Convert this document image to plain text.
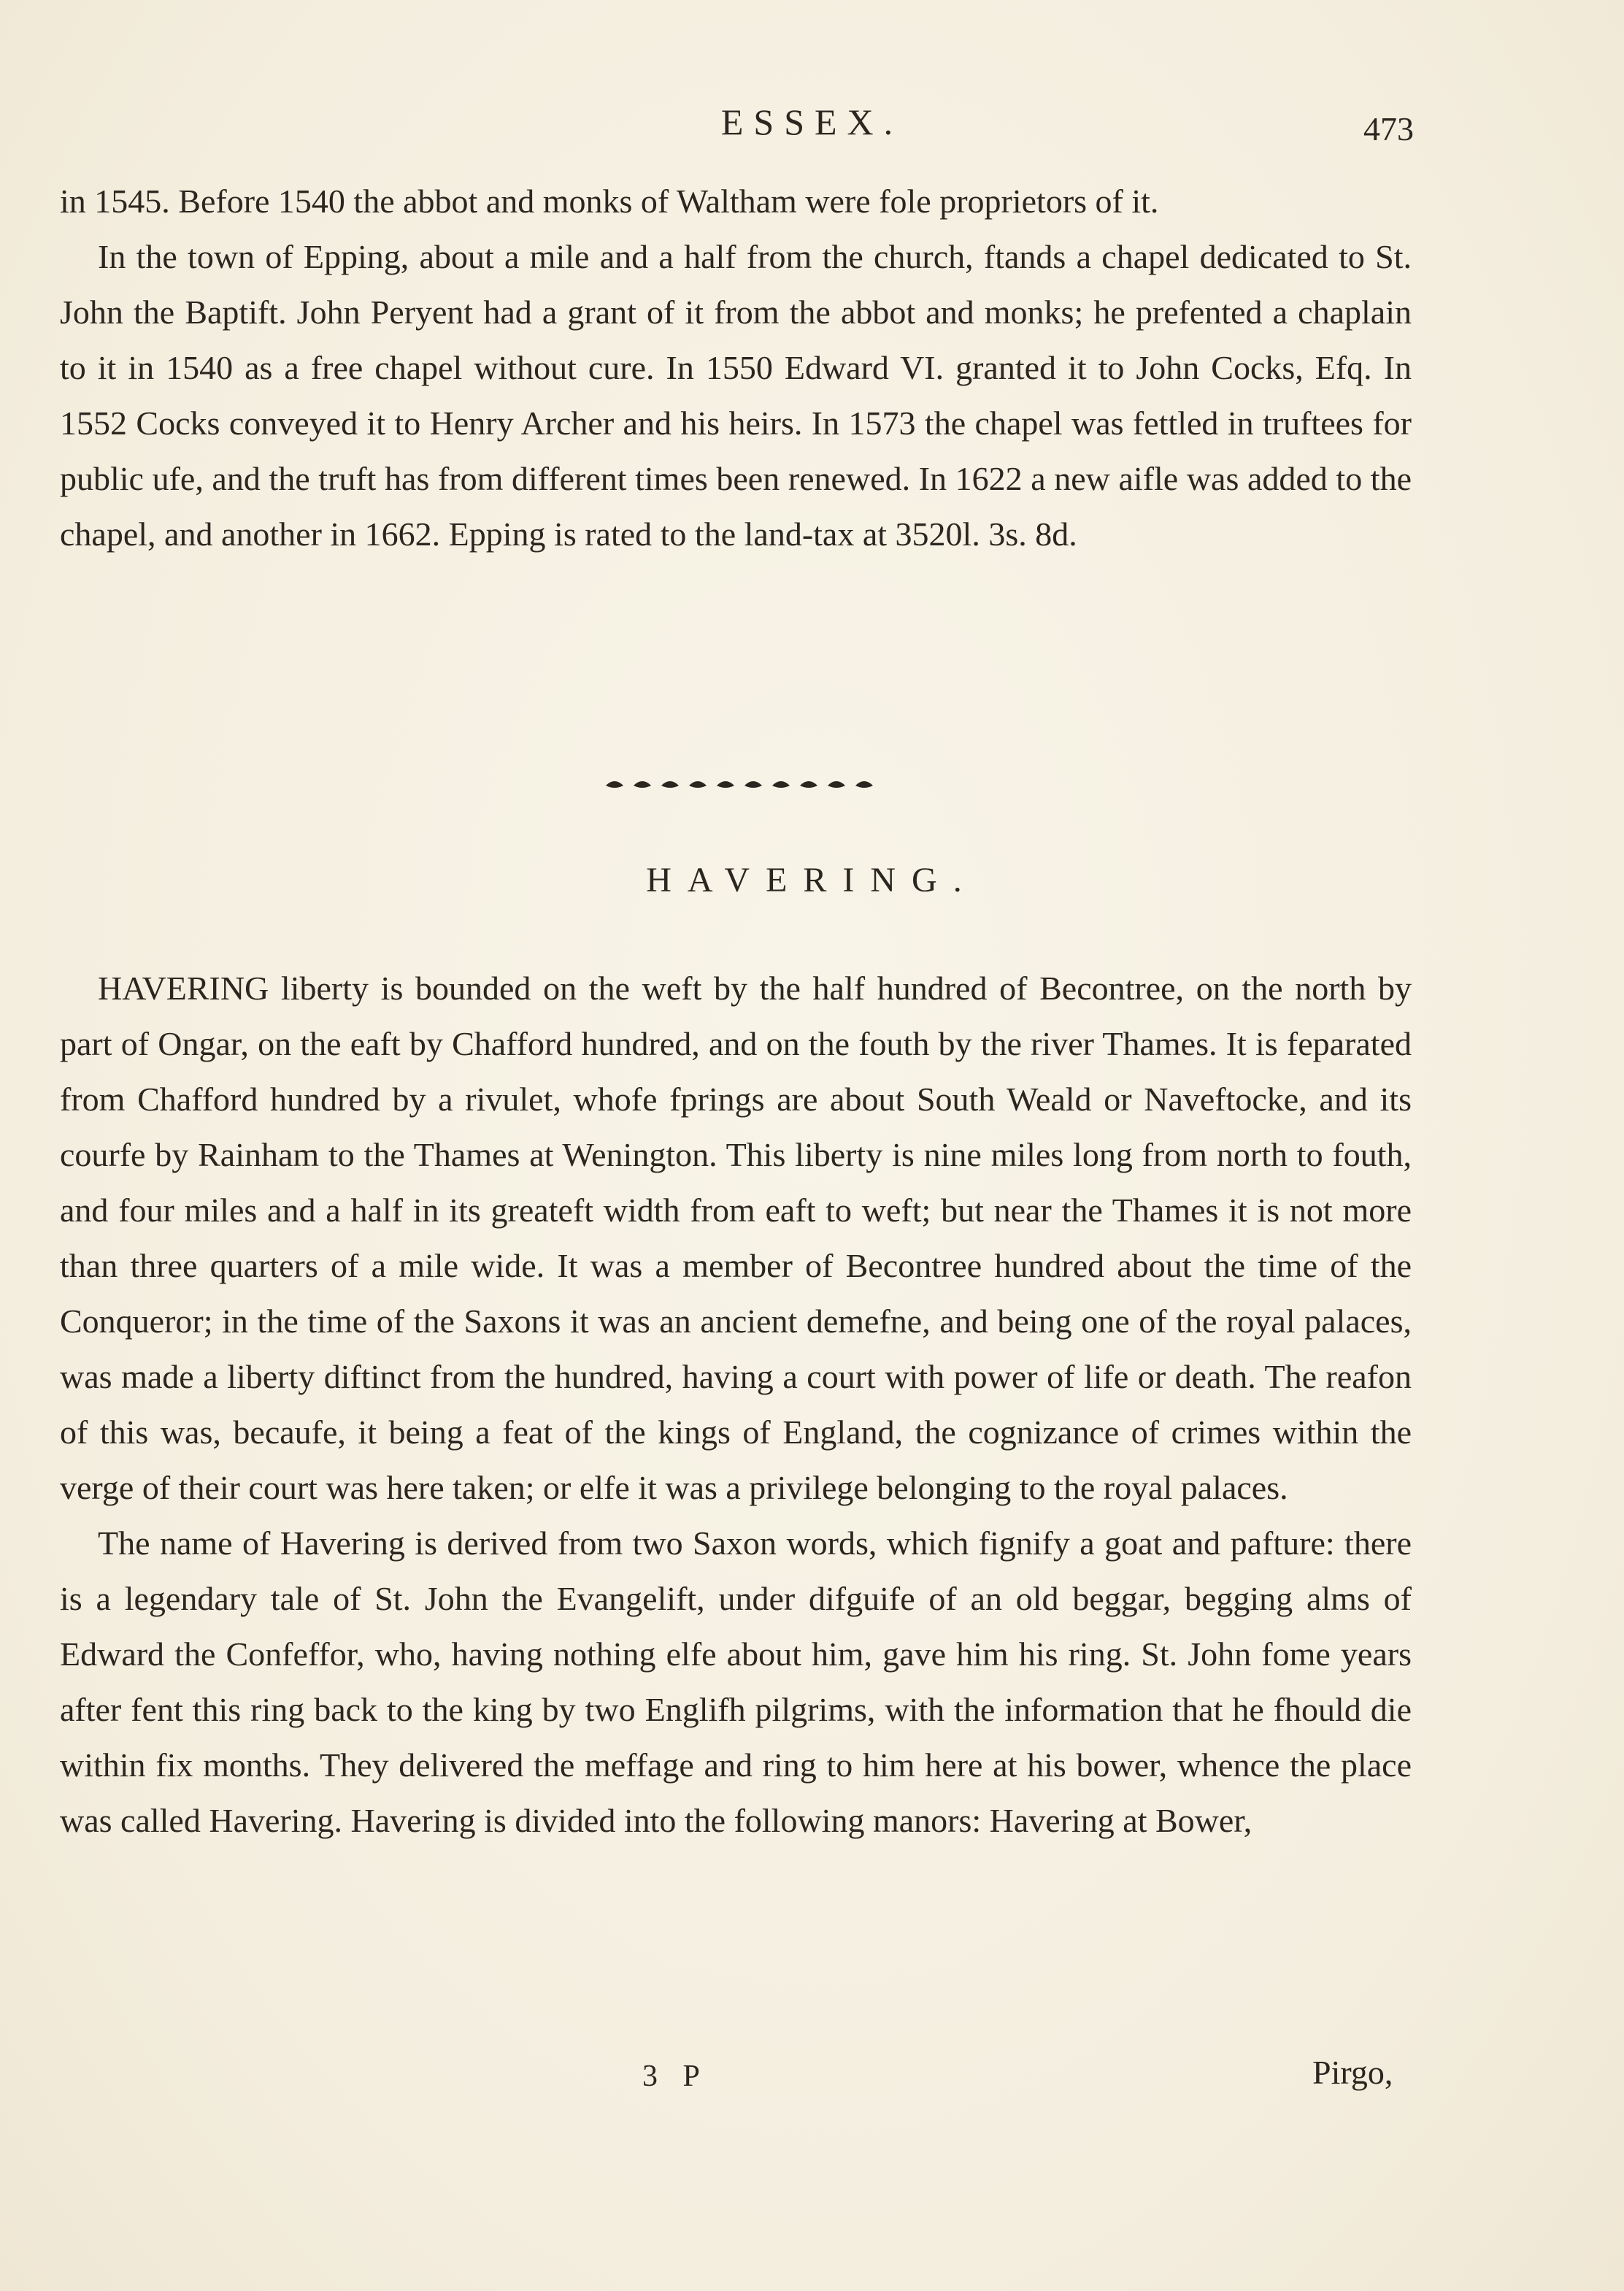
ESSEX.	473

in 1545. Before 1540 the abbot and monks of Waltham were fole proprietors of it.

In the town of Epping, about a mile and a half from the church, ftands a chapel dedicated to St. John the Baptift. John Peryent had a grant of it from the abbot and monks; he prefented a chaplain to it in 1540 as a free chapel without cure. In 1550 Edward VI. granted it to John Cocks, Efq. In 1552 Cocks conveyed it to Henry Archer and his heirs. In 1573 the chapel was fettled in truftees for public ufe, and the truft has from different times been renewed. In 1622 a new aifle was added to the chapel, and another in 1662. Epping is rated to the land-tax at 3520l. 3s. 8d.

HAVERING.

HAVERING liberty is bounded on the weft by the half hundred of Becontree, on the north by part of Ongar, on the eaft by Chafford hundred, and on the fouth by the river Thames. It is feparated from Chafford hundred by a rivulet, whofe fprings are about South Weald or Naveftocke, and its courfe by Rainham to the Thames at Wenington. This liberty is nine miles long from north to fouth, and four miles and a half in its greateft width from eaft to weft; but near the Thames it is not more than three quarters of a mile wide. It was a member of Becontree hundred about the time of the Conqueror; in the time of the Saxons it was an ancient demefne, and being one of the royal palaces, was made a liberty diftinct from the hundred, having a court with power of life or death. The reafon of this was, becaufe, it being a feat of the kings of England, the cognizance of crimes within the verge of their court was here taken; or elfe it was a privilege belonging to the royal palaces.

The name of Havering is derived from two Saxon words, which fignify a goat and pafture: there is a legendary tale of St. John the Evangelift, under difguife of an old beggar, begging alms of Edward the Confeffor, who, having nothing elfe about him, gave him his ring. St. John fome years after fent this ring back to the king by two Englifh pilgrims, with the information that he fhould die within fix months. They delivered the meffage and ring to him here at his bower, whence the place was called Havering. Havering is divided into the following manors: Havering at Bower,

3 P	Pirgo,
